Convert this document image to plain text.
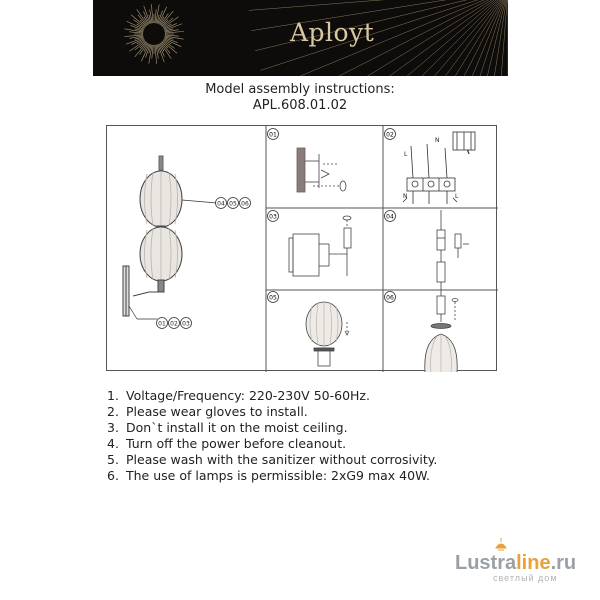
Aployt
Model assembly instructions:
APL.608.01.02
04 05 06
01 02 03
01	02
03	04
05	06
L
N
N	L
1. Voltage/Frequency: 220-230V 50-60Hz.
2. Please wear gloves to install.
3. Don`t install it on the moist ceiling.
4. Turn off the power before cleanout.
5. Please wash with the sanitizer without corrosivity.
6. The use of lamps is permissible: 2xG9 max 40W.
Lustraline.ru
светлый дом
